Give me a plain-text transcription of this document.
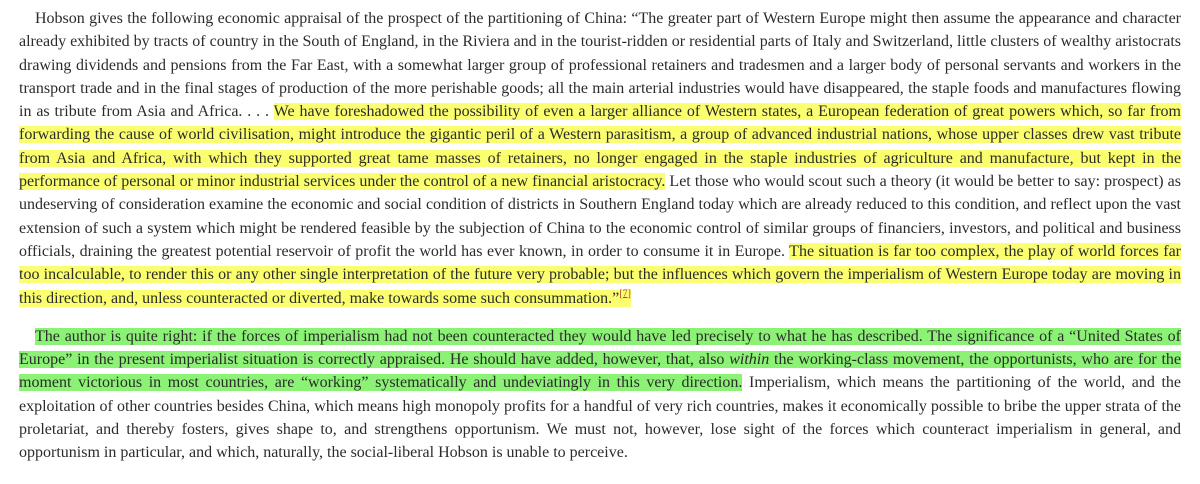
Hobson gives the following economic appraisal of the prospect of the partitioning of China: “The greater part of Western Europe might then assume the appearance and character already exhibited by tracts of country in the South of England, in the Riviera and in the tourist-ridden or residential parts of Italy and Switzerland, little clusters of wealthy aristocrats drawing dividends and pensions from the Far East, with a somewhat larger group of professional retainers and tradesmen and a larger body of personal servants and workers in the transport trade and in the final stages of production of the more perishable goods; all the main arterial industries would have disappeared, the staple foods and manufactures flowing in as tribute from Asia and Africa. . . . We have foreshadowed the possibility of even a larger alliance of Western states, a European federation of great powers which, so far from forwarding the cause of world civilisation, might introduce the gigantic peril of a Western parasitism, a group of advanced industrial nations, whose upper classes drew vast tribute from Asia and Africa, with which they supported great tame masses of retainers, no longer engaged in the staple industries of agriculture and manufacture, but kept in the performance of personal or minor industrial services under the control of a new financial aristocracy. Let those who would scout such a theory (it would be better to say: prospect) as undeserving of consideration examine the economic and social condition of districts in Southern England today which are already reduced to this condition, and reflect upon the vast extension of such a system which might be rendered feasible by the subjection of China to the economic control of similar groups of financiers, investors, and political and business officials, draining the greatest potential reservoir of profit the world has ever known, in order to consume it in Europe. The situation is far too complex, the play of world forces far too incalculable, to render this or any other single interpretation of the future very probable; but the influences which govern the imperialism of Western Europe today are moving in this direction, and, unless counteracted or diverted, make towards some such consummation.”[7]

The author is quite right: if the forces of imperialism had not been counteracted they would have led precisely to what he has described. The significance of a “United States of Europe” in the present imperialist situation is correctly appraised. He should have added, however, that, also within the working-class movement, the opportunists, who are for the moment victorious in most countries, are “working” systematically and undeviatingly in this very direction. Imperialism, which means the partitioning of the world, and the exploitation of other countries besides China, which means high monopoly profits for a handful of very rich countries, makes it economically possible to bribe the upper strata of the proletariat, and thereby fosters, gives shape to, and strengthens opportunism. We must not, however, lose sight of the forces which counteract imperialism in general, and opportunism in particular, and which, naturally, the social-liberal Hobson is unable to perceive.
